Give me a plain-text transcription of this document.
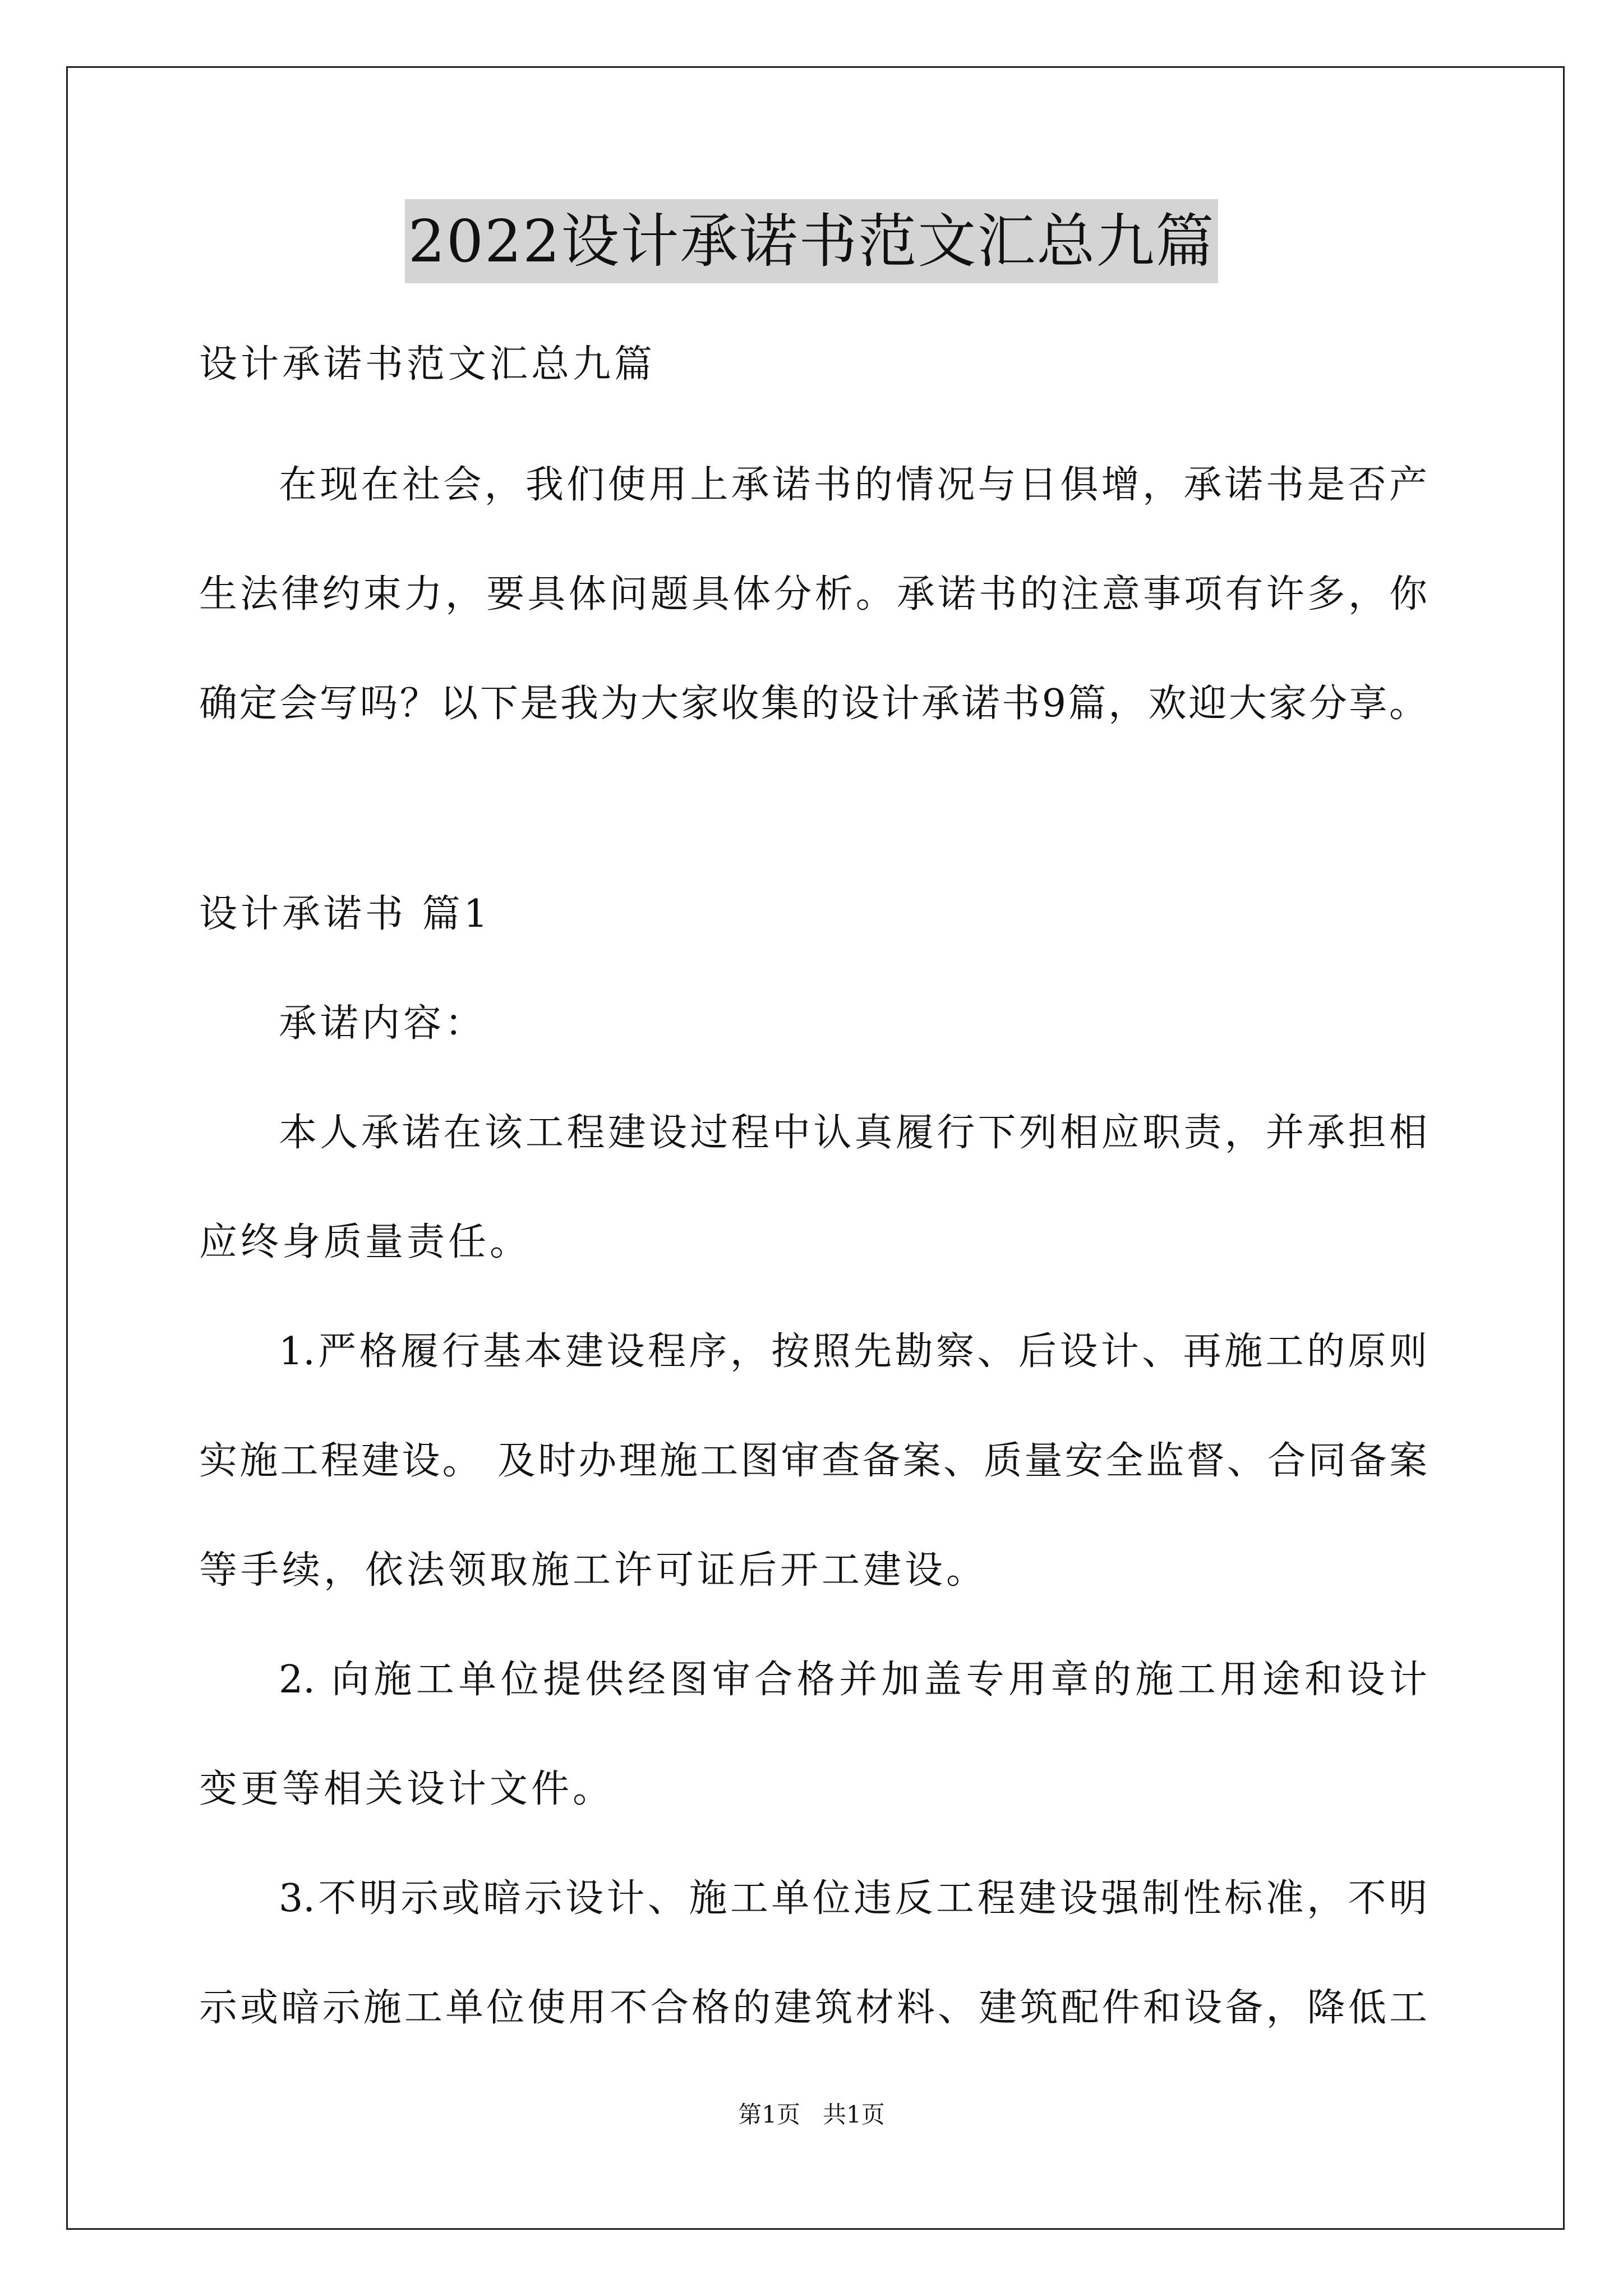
2022设计承诺书范文汇总九篇
设计承诺书范文汇总九篇
在现在社会，我们使用上承诺书的情况与日俱增，承诺书是否产
生法律约束力，要具体问题具体分析。承诺书的注意事项有许多，你
确定会写吗？以下是我为大家收集的设计承诺书9篇，欢迎大家分享。
设计承诺书 篇1
承诺内容：
本人承诺在该工程建设过程中认真履行下列相应职责，并承担相
应终身质量责任。
1.严格履行基本建设程序，按照先勘察、后设计、再施工的原则
实施工程建设。 及时办理施工图审查备案、质量安全监督、合同备案
等手续，依法领取施工许可证后开工建设。
2. 向施工单位提供经图审合格并加盖专用章的施工用途和设计
变更等相关设计文件。
3.不明示或暗示设计、施工单位违反工程建设强制性标准，不明
示或暗示施工单位使用不合格的建筑材料、建筑配件和设备，降低工
第1页   共1页
